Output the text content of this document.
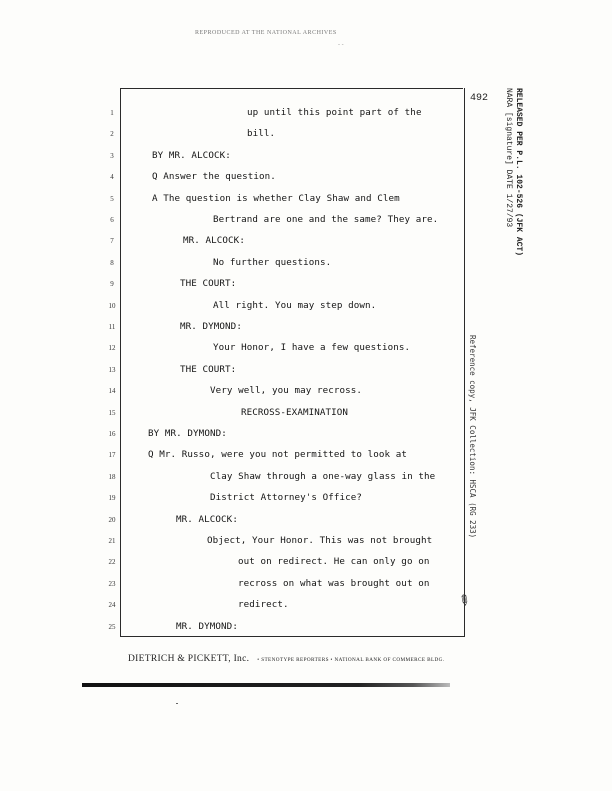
REPRODUCED AT THE NATIONAL ARCHIVES
- -
492	RELEASED PER P.L. 102-526 (JFK ACT)
NARA [signature] DATE 1/27/93
Reference copy, JFK Collection: HSCA (RG 233)
1	up until this point part of the
2	bill.
3	BY MR. ALCOCK:
4	Q Answer the question.
5	A The question is whether Clay Shaw and Clem
6	Bertrand are one and the same? They are.
7	MR. ALCOCK:
8	No further questions.
9	THE COURT:
10	All right. You may step down.
11	MR. DYMOND:
12	Your Honor, I have a few questions.
13	THE COURT:
14	Very well, you may recross.
15	RECROSS-EXAMINATION
16	BY MR. DYMOND:
17	Q Mr. Russo, were you not permitted to look at
18	Clay Shaw through a one-way glass in the
19	District Attorney's Office?
20	MR. ALCOCK:
21	Object, Your Honor. This was not brought
22	out on redirect. He can only go on
23	recross on what was brought out on
24	redirect.
25	MR. DYMOND:
✎
DIETRICH & PICKETT, Inc. • STENOTYPE REPORTERS • NATIONAL BANK OF COMMERCE BLDG.
